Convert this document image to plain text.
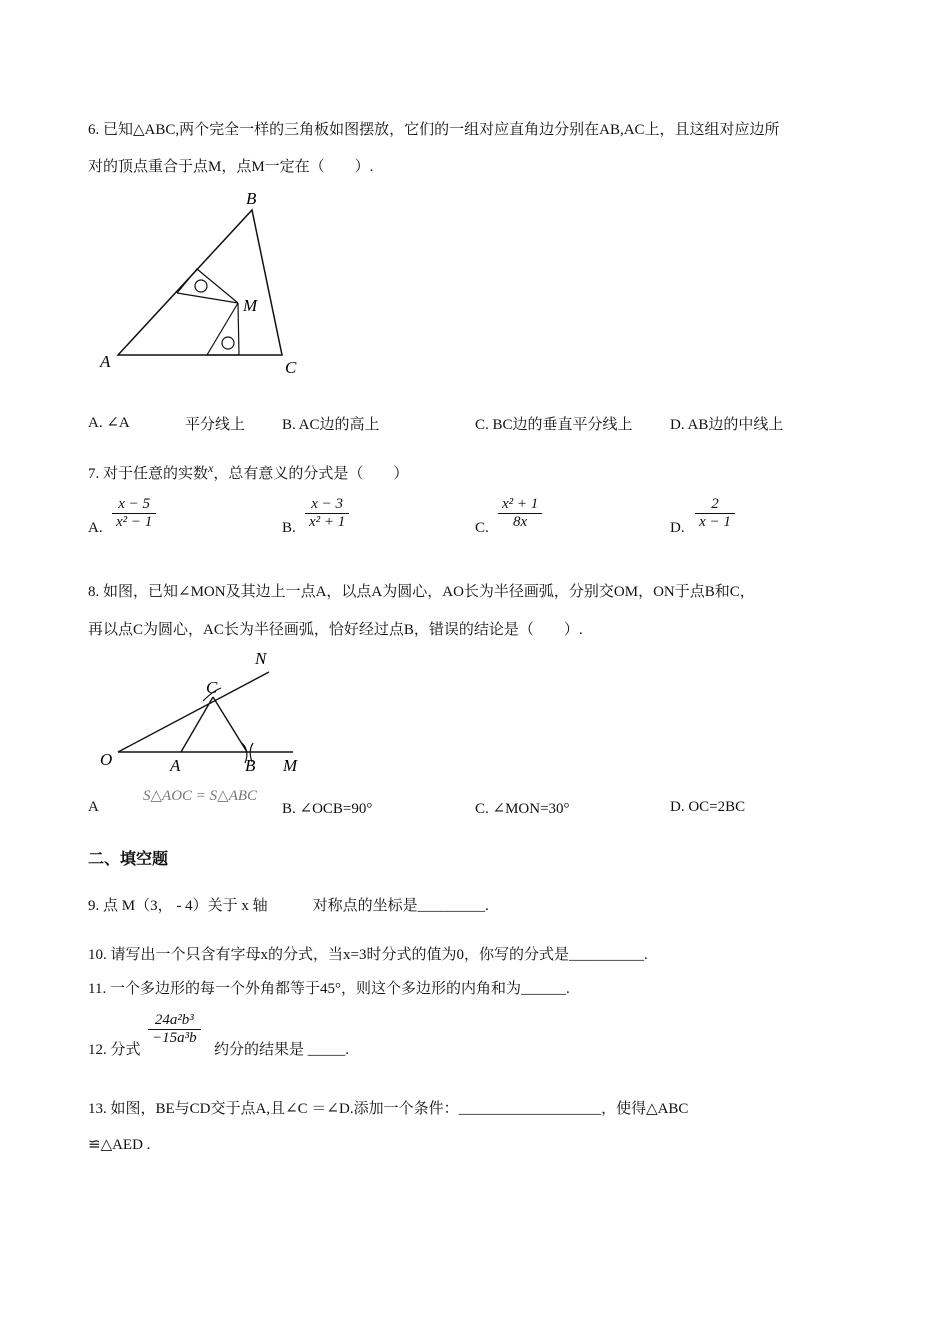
6. 已知△ABC,两个完全一样的三角板如图摆放，它们的一组对应直角边分别在AB,AC上，且这组对应边所
对的顶点重合于点M，点M一定在（　　）.
B
M
A	C
A. ∠A	平分线上 B. AC边的高上	C. BC边的垂直平分线上 D. AB边的中线上
7. 对于任意的实数$^x$，总有意义的分式是（　　）
A.
x − 5
x² − 1	B.
x − 3
x² + 1	C.
x² + 1
8x	D.
2
x − 1
8. 如图，已知∠MON及其边上一点A，以点A为圆心，AO长为半径画弧，分别交OM，ON于点B和C，
再以点C为圆心，AC长为半径画弧，恰好经过点B，错误的结论是（　　）.
N
C
O	A	B M
A
S△AOC = S△ABC
B. ∠OCB=90°	C. ∠MON=30°	D. OC=2BC
二、填空题
9. 点 M（3， - 4）关于 x 轴　　　对称点的坐标是_________.
10. 请写出一个只含有字母x的分式，当x=3时分式的值为0，你写的分式是__________.
11. 一个多边形的每一个外角都等于45°，则这个多边形的内角和为______.
12. 分式
24a²b³
−15a³b
约分的结果是 _____.
13. 如图，BE与CD交于点A,且∠C ＝∠D.添加一个条件：___________________，使得△ABC
≌△AED .
